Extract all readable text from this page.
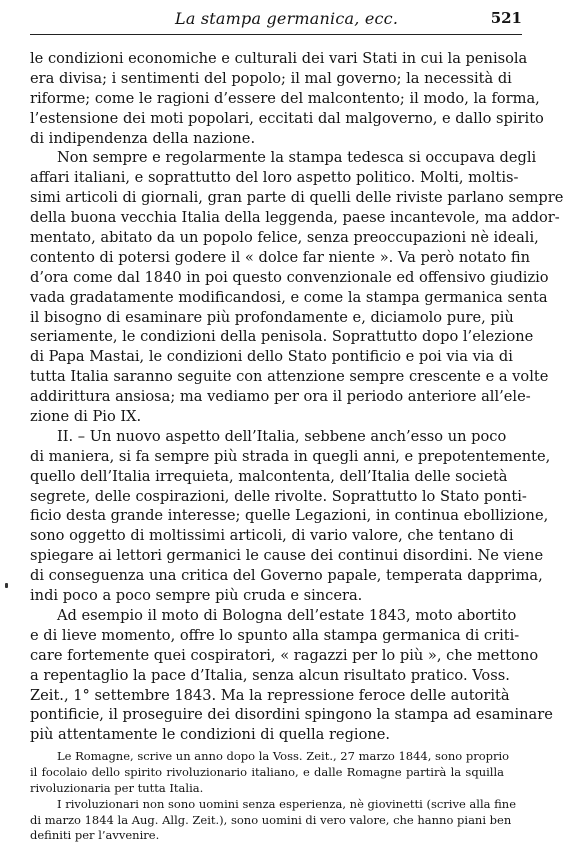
La stampa germanica, ecc.	521
le condizioni economiche e culturali dei vari Stati in cui la penisola
era divisa; i sentimenti del popolo; il mal governo; la necessità di
riforme; come le ragioni d’essere del malcontento; il modo, la forma,
l’estensione dei moti popolari, eccitati dal malgoverno, e dallo spirito
di indipendenza della nazione.
Non sempre e regolarmente la stampa tedesca si occupava degli
affari italiani, e soprattutto del loro aspetto politico. Molti, moltis-
simi articoli di giornali, gran parte di quelli delle riviste parlano sempre
della buona vecchia Italia della leggenda, paese incantevole, ma addor-
mentato, abitato da un popolo felice, senza preoccupazioni nè ideali,
contento di potersi godere il « dolce far niente ». Va però notato fin
d’ora come dal 1840 in poi questo convenzionale ed offensivo giudizio
vada gradatamente modificandosi, e come la stampa germanica senta
il bisogno di esaminare più profondamente e, diciamolo pure, più
seriamente, le condizioni della penisola. Soprattutto dopo l’elezione
di Papa Mastai, le condizioni dello Stato pontificio e poi via via di
tutta Italia saranno seguite con attenzione sempre crescente e a volte
addirittura ansiosa; ma vediamo per ora il periodo anteriore all’ele-
zione di Pio IX.
II. – Un nuovo aspetto dell’Italia, sebbene anch’esso un poco
di maniera, si fa sempre più strada in quegli anni, e prepotentemente,
quello dell’Italia irrequieta, malcontenta, dell’Italia delle società
segrete, delle cospirazioni, delle rivolte. Soprattutto lo Stato ponti-
ficio desta grande interesse; quelle Legazioni, in continua ebollizione,
sono oggetto di moltissimi articoli, di vario valore, che tentano di
spiegare ai lettori germanici le cause dei continui disordini. Ne viene
di conseguenza una critica del Governo papale, temperata dapprima,
indi poco a poco sempre più cruda e sincera.
Ad esempio il moto di Bologna dell’estate 1843, moto abortito
e di lieve momento, offre lo spunto alla stampa germanica di criti-
care fortemente quei cospiratori, « ragazzi per lo più », che mettono
a repentaglio la pace d’Italia, senza alcun risultato pratico. Voss.
Zeit., 1° settembre 1843. Ma la repressione feroce delle autorità
pontificie, il proseguire dei disordini spingono la stampa ad esaminare
più attentamente le condizioni di quella regione.
Le Romagne, scrive un anno dopo la Voss. Zeit., 27 marzo 1844, sono proprio
il focolaio dello spirito rivoluzionario italiano, e dalle Romagne partirà la squilla
rivoluzionaria per tutta Italia.
I rivoluzionari non sono uomini senza esperienza, nè giovinetti (scrive alla fine
di marzo 1844 la Aug. Allg. Zeit.), sono uomini di vero valore, che hanno piani ben
definiti per l’avvenire.
